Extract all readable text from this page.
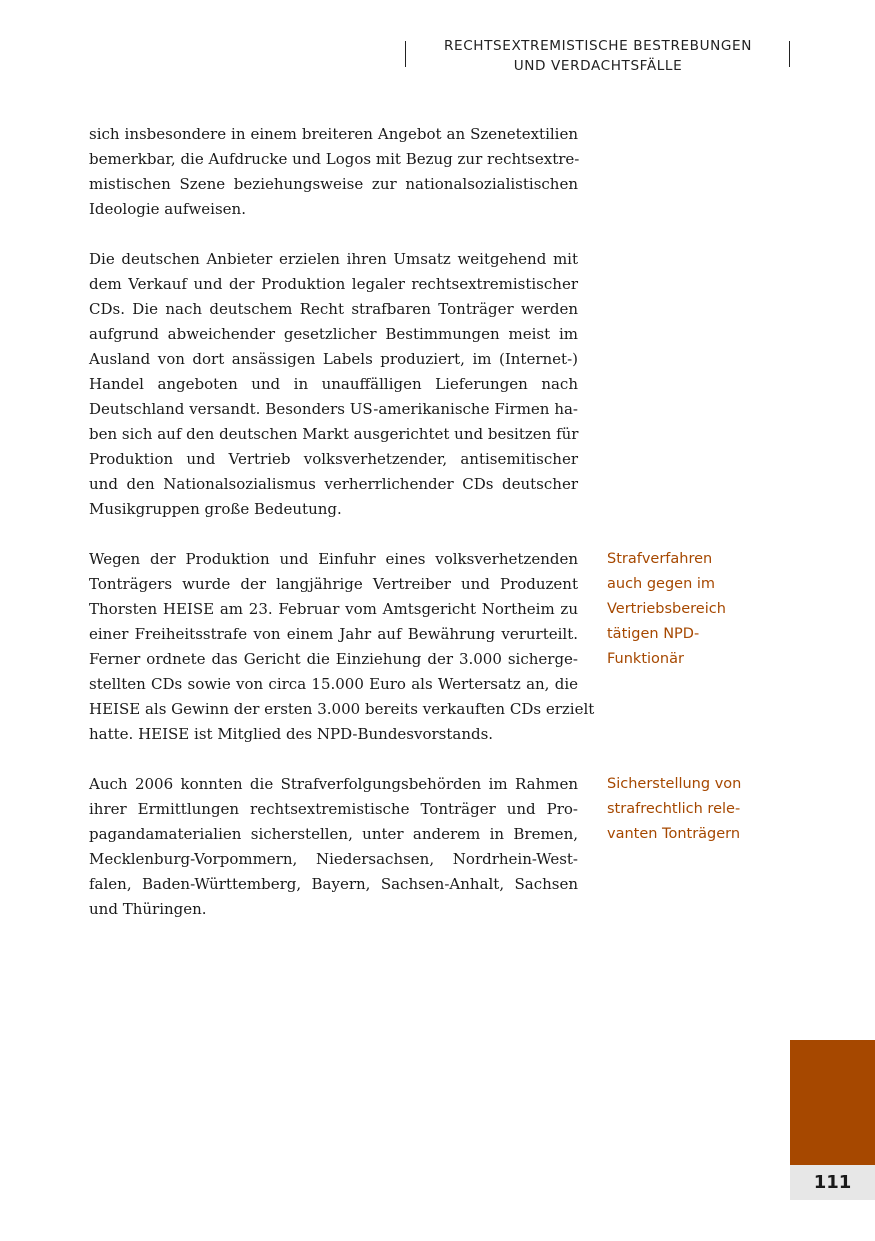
RECHTSEXTREMISTISCHE BESTREBUNGEN
UND VERDACHTSFÄLLE
sich insbesondere in einem breiteren Angebot an Szenetextilien
bemerkbar, die Aufdrucke und Logos mit Bezug zur rechtsextre-
mistischen Szene beziehungsweise zur nationalsozialistischen
Ideologie aufweisen.
Die deutschen Anbieter erzielen ihren Umsatz weitgehend mit
dem Verkauf und der Produktion legaler rechtsextremistischer
CDs. Die nach deutschem Recht strafbaren Tonträger werden
aufgrund abweichender gesetzlicher Bestimmungen meist im
Ausland von dort ansässigen Labels produziert, im (Internet-)
Handel angeboten und in unauffälligen Lieferungen nach
Deutschland versandt. Besonders US-amerikanische Firmen ha-
ben sich auf den deutschen Markt ausgerichtet und besitzen für
Produktion und Vertrieb volksverhetzender, antisemitischer
und den Nationalsozialismus verherrlichender CDs deutscher
Musikgruppen große Bedeutung.
Wegen der Produktion und Einfuhr eines volksverhetzenden
Tonträgers wurde der langjährige Vertreiber und Produzent
Thorsten HEISE am 23. Februar vom Amtsgericht Northeim zu
einer Freiheitsstrafe von einem Jahr auf Bewährung verurteilt.
Ferner ordnete das Gericht die Einziehung der 3.000 sicherge-
stellten CDs sowie von circa 15.000 Euro als Wertersatz an, die
HEISE als Gewinn der ersten 3.000 bereits verkauften CDs erzielt
hatte. HEISE ist Mitglied des NPD-Bundesvorstands.
Auch 2006 konnten die Strafverfolgungsbehörden im Rahmen
ihrer Ermittlungen rechtsextremistische Tonträger und Pro-
pagandamaterialien sicherstellen, unter anderem in Bremen,
Mecklenburg-Vorpommern, Niedersachsen, Nordrhein-West-
falen, Baden-Württemberg, Bayern, Sachsen-Anhalt, Sachsen
und Thüringen.
Strafverfahren
auch gegen im
Vertriebsbereich
tätigen NPD-
Funktionär
Sicherstellung von
strafrechtlich rele-
vanten Tonträgern
111
